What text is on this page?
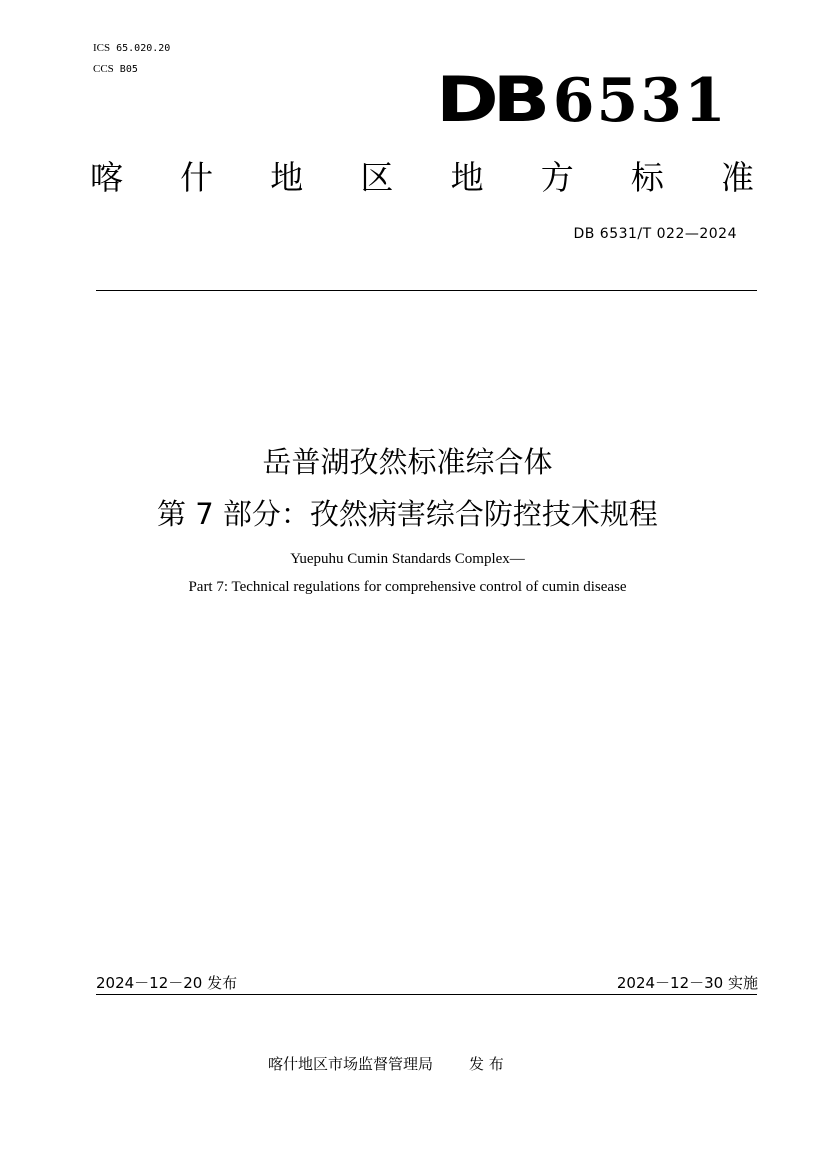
ICS 65.020.20
CCS B05	DB 6531
喀 什 地 区 地 方 标 准
DB 6531/T 022—2024
岳普湖孜然标准综合体
第 7 部分：孜然病害综合防控技术规程
Yuepuhu Cumin Standards Complex—
Part 7: Technical regulations for comprehensive control of cumin disease
2024－12－20 发布	2024－12－30 实施
喀什地区市场监督管理局 发 布
